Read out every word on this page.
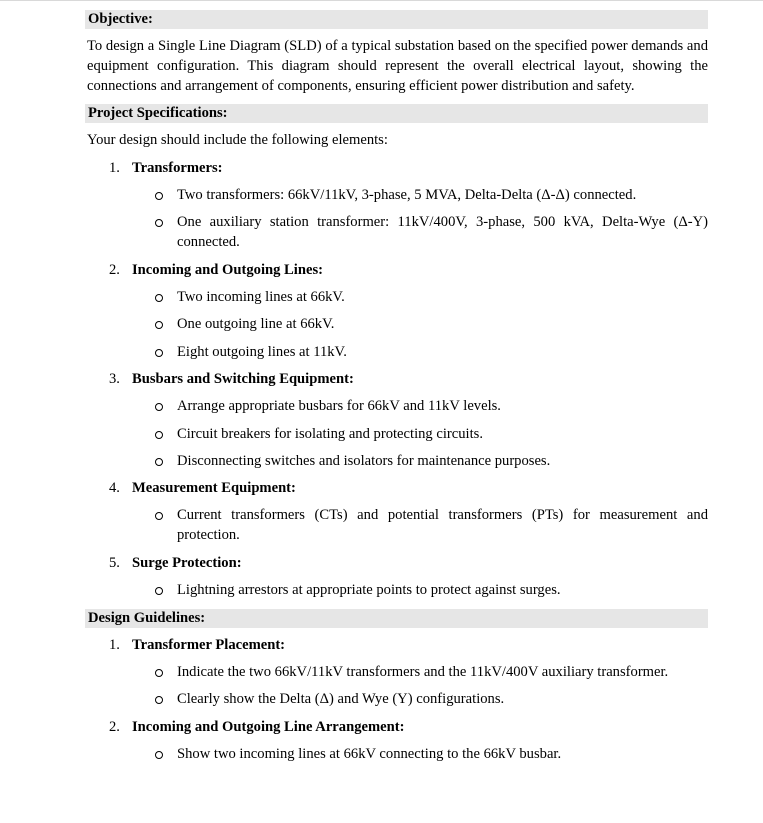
Objective:

To design a Single Line Diagram (SLD) of a typical substation based on the specified power demands and equipment configuration. This diagram should represent the overall electrical layout, showing the connections and arrangement of components, ensuring efficient power distribution and safety.

Project Specifications:
Your design should include the following elements:
1. Transformers:
Two transformers: 66kV/11kV, 3-phase, 5 MVA, Delta-Delta (Δ-Δ) connected.
One auxiliary station transformer: 11kV/400V, 3-phase, 500 kVA, Delta-Wye (Δ-Y) connected.
2. Incoming and Outgoing Lines:
Two incoming lines at 66kV.
One outgoing line at 66kV.
Eight outgoing lines at 11kV.
3. Busbars and Switching Equipment:
Arrange appropriate busbars for 66kV and 11kV levels.
Circuit breakers for isolating and protecting circuits.
Disconnecting switches and isolators for maintenance purposes.
4. Measurement Equipment:
Current transformers (CTs) and potential transformers (PTs) for measurement and protection.
5. Surge Protection:
Lightning arrestors at appropriate points to protect against surges.
Design Guidelines:
1. Transformer Placement:
Indicate the two 66kV/11kV transformers and the 11kV/400V auxiliary transformer.
Clearly show the Delta (Δ) and Wye (Y) configurations.
2. Incoming and Outgoing Line Arrangement:
Show two incoming lines at 66kV connecting to the 66kV busbar.
